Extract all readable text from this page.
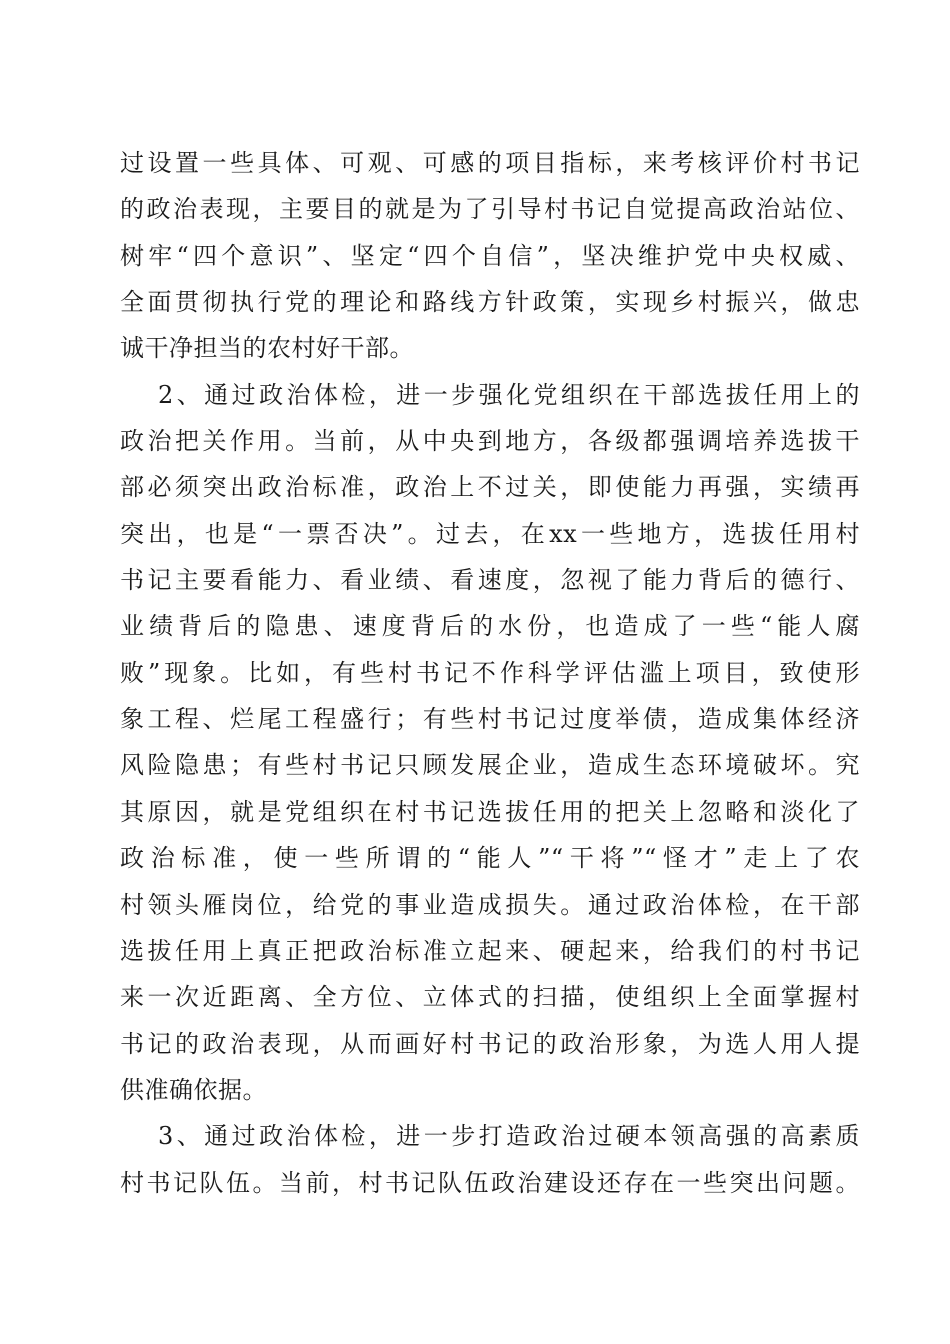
过设置一些具体、可观、可感的项目指标，来考核评价村书记
的政治表现，主要目的就是为了引导村书记自觉提高政治站位、
树牢“四个意识”、坚定“四个自信”，坚决维护党中央权威、
全面贯彻执行党的理论和路线方针政策，实现乡村振兴，做忠
诚干净担当的农村好干部。
2、通过政治体检，进一步强化党组织在干部选拔任用上的
政治把关作用。当前，从中央到地方，各级都强调培养选拔干
部必须突出政治标准，政治上不过关，即使能力再强，实绩再
突出，也是“一票否决”。过去，在xx一些地方，选拔任用村
书记主要看能力、看业绩、看速度，忽视了能力背后的德行、
业绩背后的隐患、速度背后的水份，也造成了一些“能人腐
败”现象。比如，有些村书记不作科学评估滥上项目，致使形
象工程、烂尾工程盛行；有些村书记过度举债，造成集体经济
风险隐患；有些村书记只顾发展企业，造成生态环境破坏。究
其原因，就是党组织在村书记选拔任用的把关上忽略和淡化了
政治标准，使一些所谓的“能人”“干将”“怪才”走上了农
村领头雁岗位，给党的事业造成损失。通过政治体检，在干部
选拔任用上真正把政治标准立起来、硬起来，给我们的村书记
来一次近距离、全方位、立体式的扫描，使组织上全面掌握村
书记的政治表现，从而画好村书记的政治形象，为选人用人提
供准确依据。
3、通过政治体检，进一步打造政治过硬本领高强的高素质
村书记队伍。当前，村书记队伍政治建设还存在一些突出问题。
